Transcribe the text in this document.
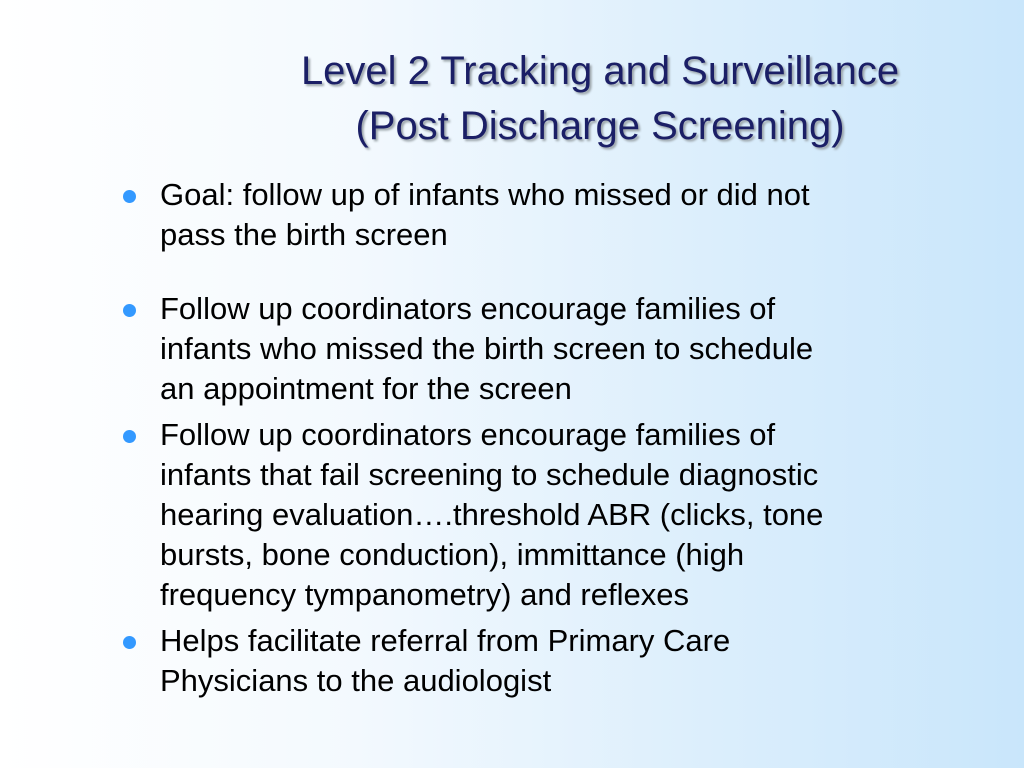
Level 2 Tracking and Surveillance
(Post Discharge Screening)
Goal: follow up of infants who missed or did not
pass the birth screen
Follow up coordinators encourage families of
infants who missed the birth screen to schedule
an appointment for the screen
Follow up coordinators encourage families of
infants that fail screening to schedule diagnostic
hearing evaluation….threshold ABR (clicks, tone
bursts, bone conduction), immittance (high
frequency tympanometry) and reflexes
Helps facilitate referral from Primary Care
Physicians to the audiologist
